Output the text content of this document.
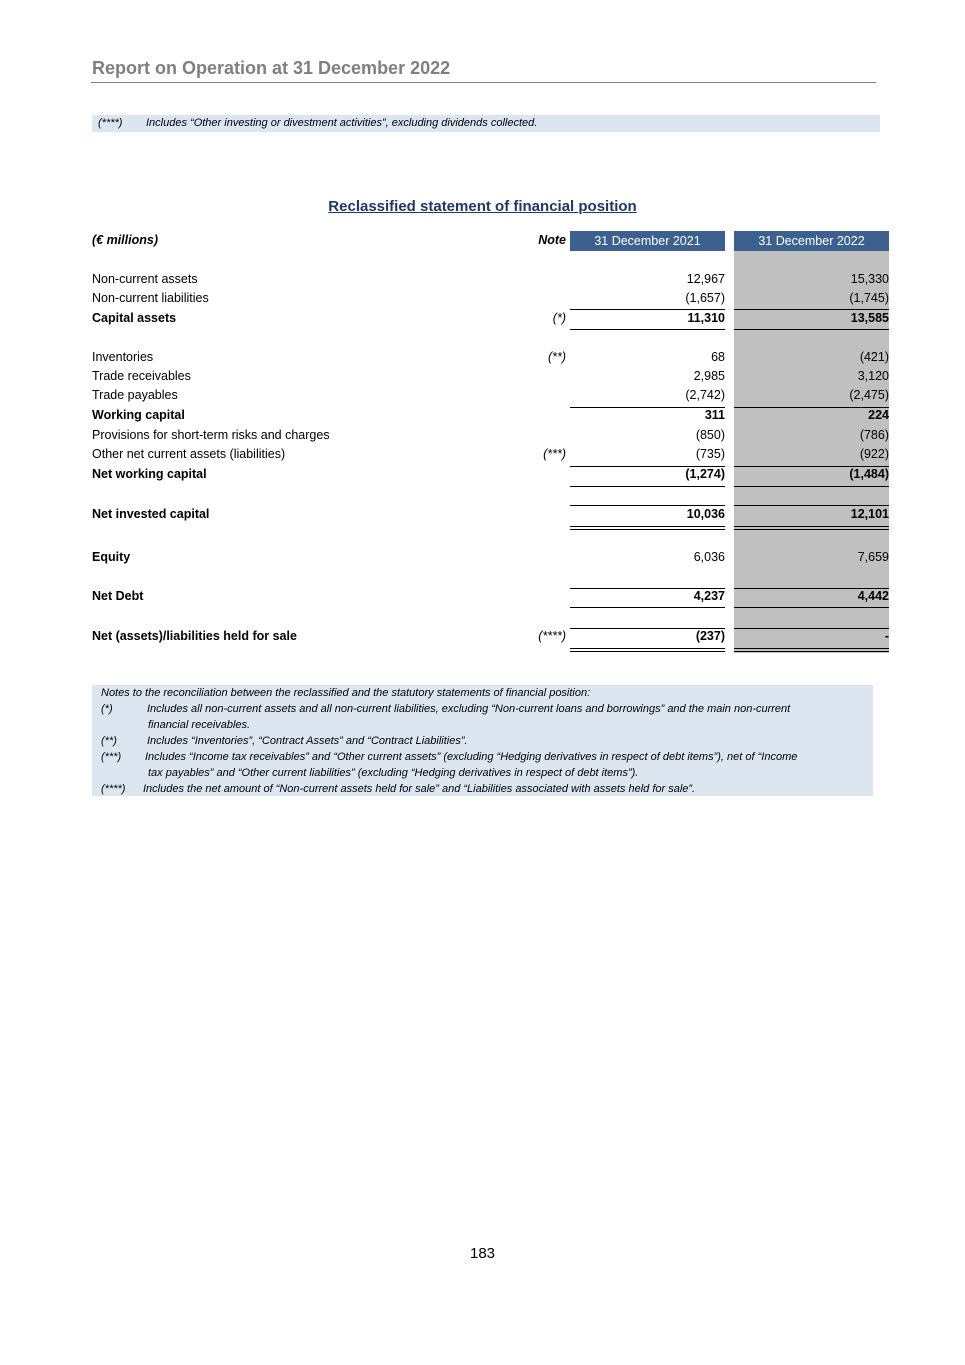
Report on Operation at 31 December 2022
(****) Includes “Other investing or divestment activities”, excluding dividends collected.
Reclassified statement of financial position
(€ millions)	Note	31 December 2021	31 December 2022
Non-current assets	12,967	15,330
Non-current liabilities	(1,657)	(1,745)
Capital assets	(*)	11,310	13,585
Inventories	(**)	68	(421)
Trade receivables	2,985	3,120
Trade payables	(2,742)	(2,475)
Working capital	311	224
Provisions for short-term risks and charges	(850)	(786)
Other net current assets (liabilities)	(***)	(735)	(922)
Net working capital	(1,274)	(1,484)
Net invested capital	10,036	12,101
Equity	6,036	7,659
Net Debt	4,237	4,442
Net (assets)/liabilities held for sale	(****)	(237)	-
Notes to the reconciliation between the reclassified and the statutory statements of financial position:
(*)	Includes all non-current assets and all non-current liabilities, excluding “Non-current loans and borrowings” and the main non-current
financial receivables.
(**)	Includes “Inventories”, “Contract Assets” and “Contract Liabilities”.
(***) Includes “Income tax receivables” and “Other current assets” (excluding “Hedging derivatives in respect of debt items”), net of “Income
tax payables” and “Other current liabilities” (excluding “Hedging derivatives in respect of debt items”).
(****) Includes the net amount of “Non-current assets held for sale” and “Liabilities associated with assets held for sale”.
183
